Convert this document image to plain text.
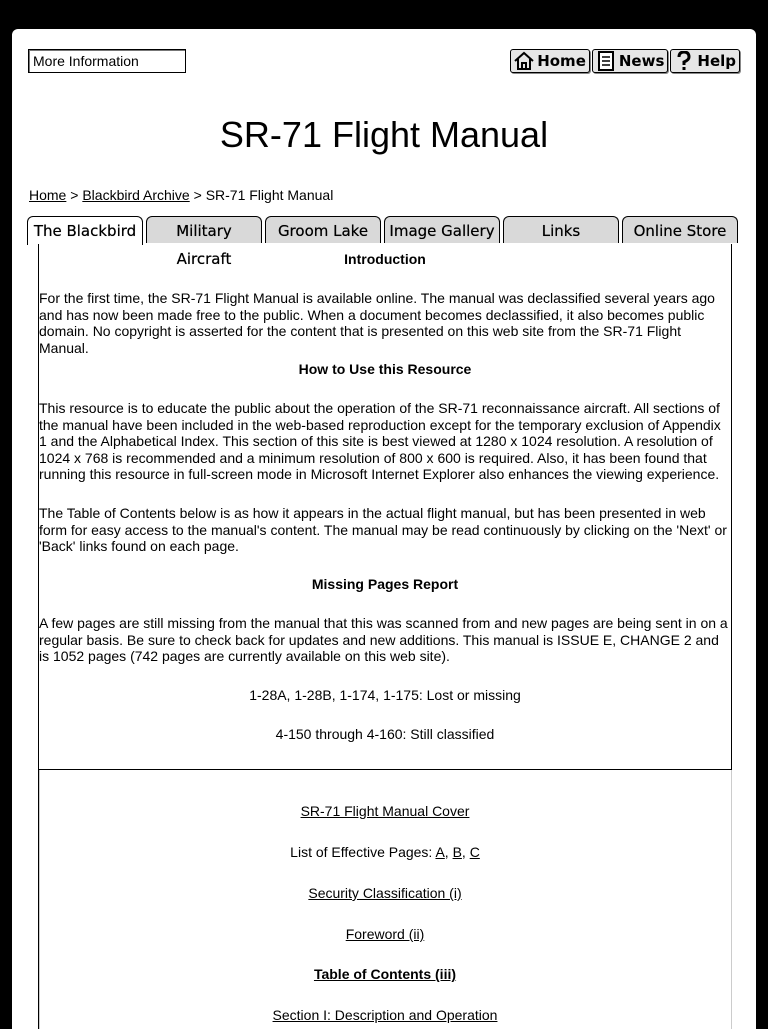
More Information	Home News Help
SR-71 Flight Manual
Home > Blackbird Archive > SR-71 Flight Manual
The Blackbird	Military Aircraft
Groom Lake	Image Gallery	Links	Online Store
Introduction
For the first time, the SR-71 Flight Manual is available online. The manual was declassified several years ago and has now been made free to the public. When a document becomes declassified, it also becomes public domain. No copyright is asserted for the content that is presented on this web site from the SR-71 Flight Manual.
How to Use this Resource
This resource is to educate the public about the operation of the SR-71 reconnaissance aircraft. All sections of the manual have been included in the web-based reproduction except for the temporary exclusion of Appendix 1 and the Alphabetical Index. This section of this site is best viewed at 1280 x 1024 resolution. A resolution of 1024 x 768 is recommended and a minimum resolution of 800 x 600 is required. Also, it has been found that running this resource in full-screen mode in Microsoft Internet Explorer also enhances the viewing experience.
The Table of Contents below is as how it appears in the actual flight manual, but has been presented in web form for easy access to the manual's content. The manual may be read continuously by clicking on the 'Next' or 'Back' links found on each page.
Missing Pages Report
A few pages are still missing from the manual that this was scanned from and new pages are being sent in on a regular basis. Be sure to check back for updates and new additions. This manual is ISSUE E, CHANGE 2 and is 1052 pages (742 pages are currently available on this web site).
1-28A, 1-28B, 1-174, 1-175: Lost or missing
4-150 through 4-160: Still classified
SR-71 Flight Manual Cover
List of Effective Pages: A, B, C
Security Classification (i)
Foreword (ii)
Table of Contents (iii)
Section I: Description and Operation
